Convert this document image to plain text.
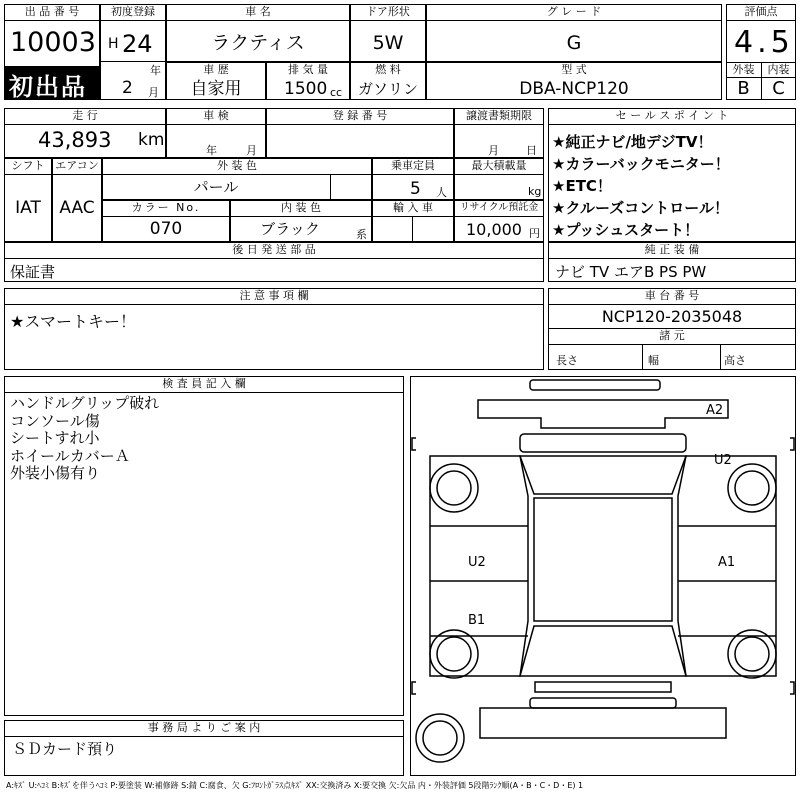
出 品 番 号
10003
初出品
初度登録
H 24
年
車 名
ラクティス
ドア形状
5W
グ レ ー ド
G
評価点
4.5
外装	内装
B	C
2 月
車 歴
自家用
排 気 量
1500 cc
燃 料
ガソリン
型 式
DBA-NCP120
走 行
43,893 km
車 検
年	月
登 録 番 号	譲渡書類期限
月 日
シフト
IAT
エアコン
AAC
外 装 色
パール
乗車定員
5 人
最大積載量
kg
カラー No.
070
内 装 色
ブラック	系
輸 入 車	リサイクル預託金
10,000 円
後 日 発 送 部 品
保証書
セ ー ル ス ポ イ ン ト
★純正ナビ/地デジTV！
★カラーバックモニター！
★ETC！
★クルーズコントロール！
★プッシュスタート！
純 正 装 備
ナビ TV エアB PS PW
注 意 事 項 欄
★スマートキー！
車 台 番 号
NCP120-2035048
諸 元
長さ	幅	高さ
検 査 員 記 入 欄
ハンドルグリップ破れ
コンソール傷
シートすれ小
ホイールカバーＡ
外装小傷有り
事 務 局 よ り ご 案 内
ＳＤカード預り
A2
U2
U2	A1
B1
A:ｷｽﾞ U:ﾍｺﾐ B:ｷｽﾞを伴うﾍｺﾐ P:要塗装 W:補修跡 S:錆 C:腐食、欠 G:ﾌﾛﾝﾄｶﾞﾗｽ点ｷｽﾞ XX:交換済み X:要交換 欠:欠品 内・外装評価 5段階ﾗﾝｸ順(A・B・C・D・E) 1
